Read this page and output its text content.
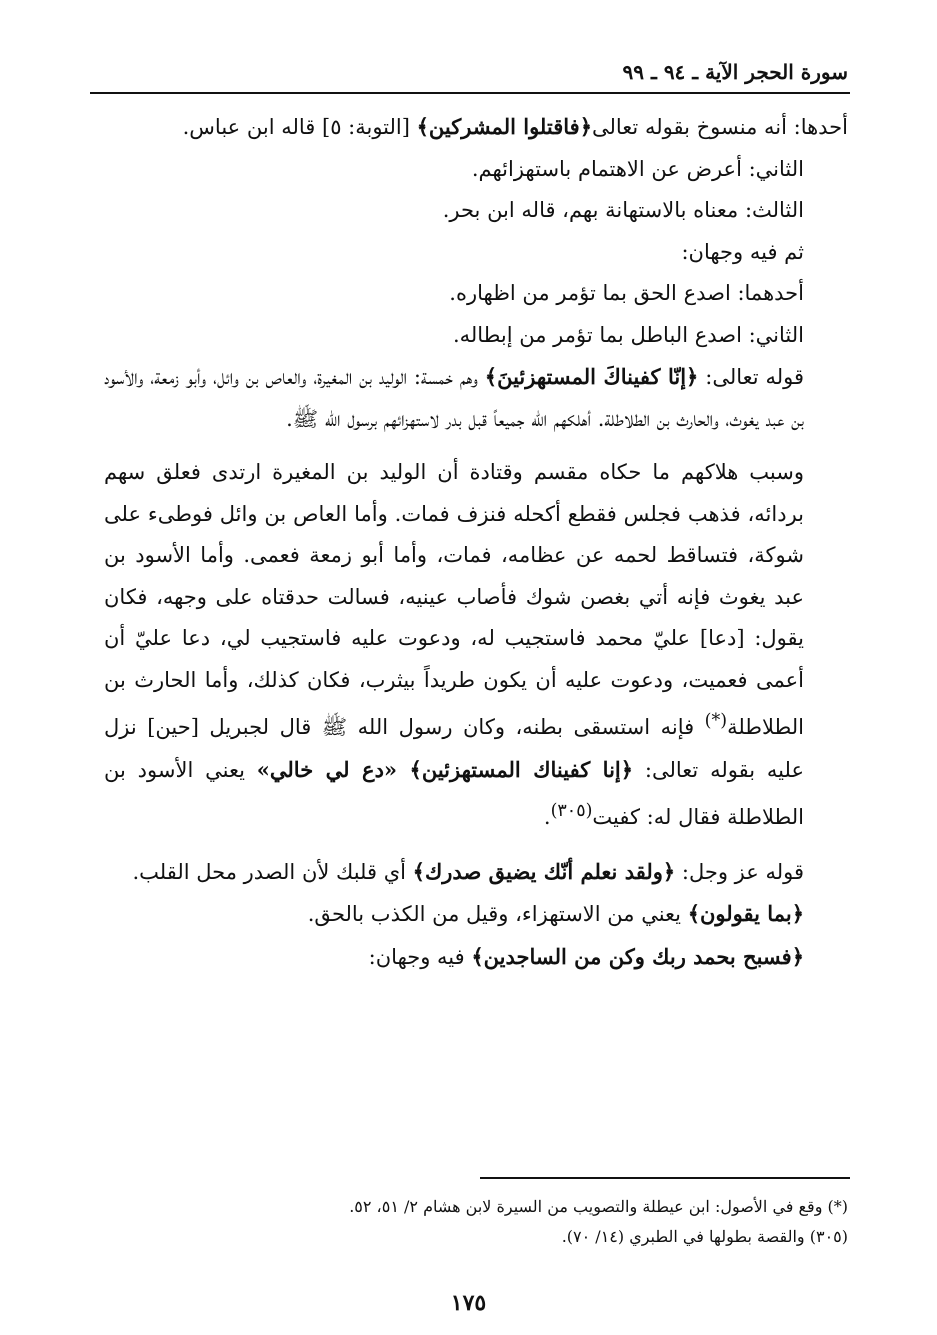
سورة الحجر الآية ـ ٩٤ ـ ٩٩

أحدها: أنه منسوخ بقوله تعالى﴿فاقتلوا المشركين﴾ [التوبة: ٥] قاله ابن عباس.

الثاني: أعرض عن الاهتمام باستهزائهم.

الثالث: معناه بالاستهانة بهم، قاله ابن بحر.

ثم فيه وجهان:

أحدهما: اصدع الحق بما تؤمر من اظهاره.

الثاني: اصدع الباطل بما تؤمر من إبطاله.

قوله تعالى: ﴿إنّا كفيناكَ المستهزئينَ﴾ وهم خمسة: الوليد بن المغيرة، والعاص بن وائل، وأبو زمعة، والأسود بن عبد يغوث، والحارث بن الطلاطلة. أهلكهم الله جميعاً قبل بدر لاستهزائهم برسول الله ﷺ.

وسبب هلاكهم ما حكاه مقسم وقتادة أن الوليد بن المغيرة ارتدى فعلق سهم بردائه، فذهب فجلس فقطع أكحله فنزف فمات. وأما العاص بن وائل فوطىء على شوكة، فتساقط لحمه عن عظامه، فمات، وأما أبو زمعة فعمى. وأما الأسود بن عبد يغوث فإنه أتي بغصن شوك فأصاب عينيه، فسالت حدقتاه على وجهه، فكان يقول: [دعا] عليّ محمد فاستجيب له، ودعوت عليه فاستجيب لي، دعا عليّ أن أعمى فعميت، ودعوت عليه أن يكون طريداً بيثرب، فكان كذلك، وأما الحارث بن الطلاطلة(*) فإنه استسقى بطنه، وكان رسول الله ﷺ قال لجبريل [حين] نزل عليه بقوله تعالى: ﴿إنا كفيناك المستهزئين﴾ «دع لي خالي» يعني الأسود بن الطلاطلة فقال له: كفيت$^{(٣٠٥)}$.

قوله عز وجل: ﴿ولقد نعلم أنّك يضيق صدرك﴾ أي قلبك لأن الصدر محل القلب.

﴿بما يقولون﴾ يعني من الاستهزاء، وقيل من الكذب بالحق.

﴿فسبح بحمد ربك وكن من الساجدين﴾ فيه وجهان:

(*) وقع في الأصول: ابن عيطلة والتصويب من السيرة لابن هشام ٢/ ٥١، ٥٢.

(٣٠٥) والقصة بطولها في الطبري (١٤/ ٧٠).

١٧٥
